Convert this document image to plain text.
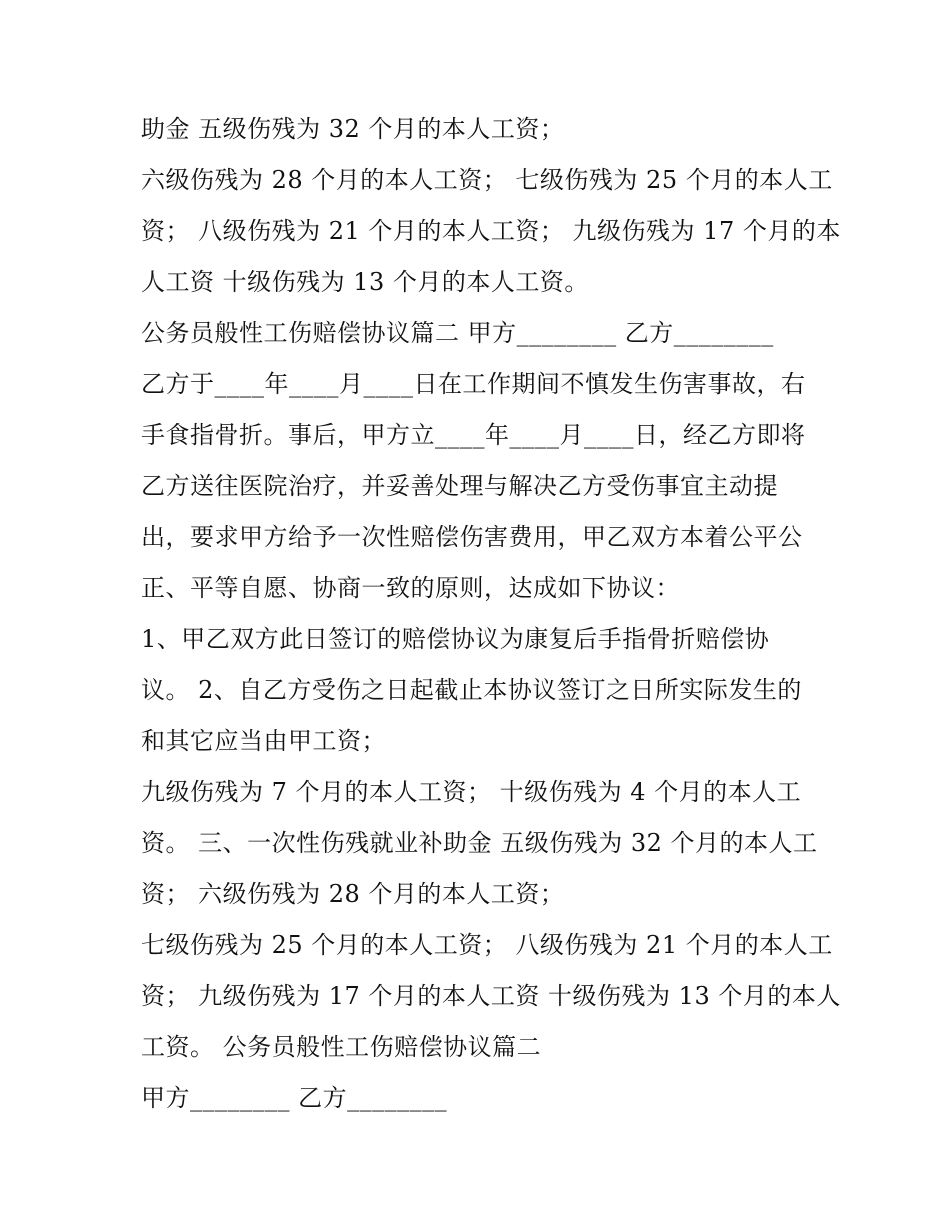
助金 五级伤残为 32 个月的本人工资；
六级伤残为 28 个月的本人工资； 七级伤残为 25 个月的本人工
资； 八级伤残为 21 个月的本人工资； 九级伤残为 17 个月的本
人工资 十级伤残为 13 个月的本人工资。
公务员般性工伤赔偿协议篇二 甲方________ 乙方________
乙方于____年____月____日在工作期间不慎发生伤害事故，右
手食指骨折。事后，甲方立____年____月____日，经乙方即将
乙方送往医院治疗，并妥善处理与解决乙方受伤事宜主动提
出，要求甲方给予一次性赔偿伤害费用，甲乙双方本着公平公
正、平等自愿、协商一致的原则，达成如下协议：
1、甲乙双方此日签订的赔偿协议为康复后手指骨折赔偿协
议。 2、自乙方受伤之日起截止本协议签订之日所实际发生的
和其它应当由甲工资；
九级伤残为 7 个月的本人工资； 十级伤残为 4 个月的本人工
资。 三、一次性伤残就业补助金 五级伤残为 32 个月的本人工
资； 六级伤残为 28 个月的本人工资；
七级伤残为 25 个月的本人工资； 八级伤残为 21 个月的本人工
资； 九级伤残为 17 个月的本人工资 十级伤残为 13 个月的本人
工资。 公务员般性工伤赔偿协议篇二
甲方________ 乙方________
